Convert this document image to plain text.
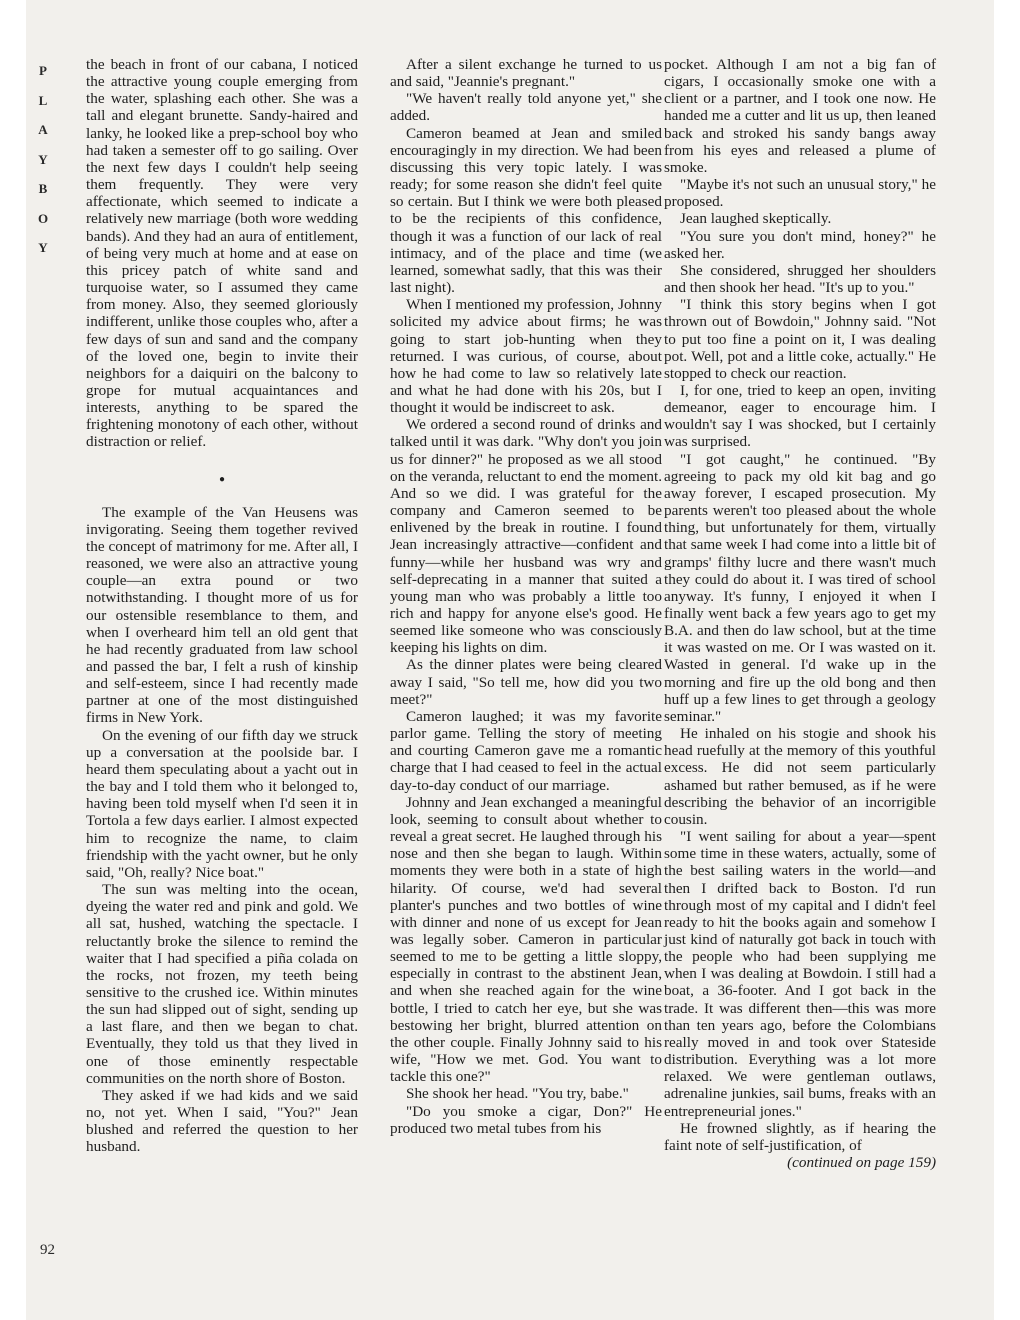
P
L
A
Y
B
O
Y

the beach in front of our cabana, I noticed the attractive young couple emerging from the water, splashing each other. She was a tall and elegant brunette. Sandy-haired and lanky, he looked like a prep-school boy who had taken a semester off to go sailing. Over the next few days I couldn't help seeing them frequently. They were very affectionate, which seemed to indicate a relatively new marriage (both wore wedding bands). And they had an aura of entitlement, of being very much at home and at ease on this pricey patch of white sand and turquoise water, so I assumed they came from money. Also, they seemed gloriously indifferent, unlike those couples who, after a few days of sun and sand and the company of the loved one, begin to invite their neighbors for a daiquiri on the balcony to grope for mutual acquaintances and interests, anything to be spared the frightening monotony of each other, without distraction or relief.

●

The example of the Van Heusens was invigorating. Seeing them together revived the concept of matrimony for me. After all, I reasoned, we were also an attractive young couple—an extra pound or two notwithstanding. I thought more of us for our ostensible resemblance to them, and when I overheard him tell an old gent that he had recently graduated from law school and passed the bar, I felt a rush of kinship and self-esteem, since I had recently made partner at one of the most distinguished firms in New York.

On the evening of our fifth day we struck up a conversation at the poolside bar. I heard them speculating about a yacht out in the bay and I told them who it belonged to, having been told myself when I'd seen it in Tortola a few days earlier. I almost expected him to recognize the name, to claim friendship with the yacht owner, but he only said, "Oh, really? Nice boat."

The sun was melting into the ocean, dyeing the water red and pink and gold. We all sat, hushed, watching the spectacle. I reluctantly broke the silence to remind the waiter that I had specified a piña colada on the rocks, not frozen, my teeth being sensitive to the crushed ice. Within minutes the sun had slipped out of sight, sending up a last flare, and then we began to chat. Eventually, they told us that they lived in one of those eminently respectable communities on the north shore of Boston.

They asked if we had kids and we said no, not yet. When I said, "You?" Jean blushed and referred the question to her husband.

After a silent exchange he turned to us and said, "Jeannie's pregnant."

"We haven't really told anyone yet," she added.

Cameron beamed at Jean and smiled encouragingly in my direction. We had been discussing this very topic lately. I was ready; for some reason she didn't feel quite so certain. But I think we were both pleased to be the recipients of this confidence, though it was a function of our lack of real intimacy, and of the place and time (we learned, somewhat sadly, that this was their last night).

When I mentioned my profession, Johnny solicited my advice about firms; he was going to start job-hunting when they returned. I was curious, of course, about how he had come to law so relatively late and what he had done with his 20s, but I thought it would be indiscreet to ask.

We ordered a second round of drinks and talked until it was dark. "Why don't you join us for dinner?" he proposed as we all stood on the veranda, reluctant to end the moment. And so we did. I was grateful for the company and Cameron seemed to be enlivened by the break in routine. I found Jean increasingly attractive—confident and funny—while her husband was wry and self-deprecating in a manner that suited a young man who was probably a little too rich and happy for anyone else's good. He seemed like someone who was consciously keeping his lights on dim.

As the dinner plates were being cleared away I said, "So tell me, how did you two meet?"

Cameron laughed; it was my favorite parlor game. Telling the story of meeting and courting Cameron gave me a romantic charge that I had ceased to feel in the actual day-to-day conduct of our marriage.

Johnny and Jean exchanged a meaningful look, seeming to consult about whether to reveal a great secret. He laughed through his nose and then she began to laugh. Within moments they were both in a state of high hilarity. Of course, we'd had several planter's punches and two bottles of wine with dinner and none of us except for Jean was legally sober. Cameron in particular seemed to me to be getting a little sloppy, especially in contrast to the abstinent Jean, and when she reached again for the wine bottle, I tried to catch her eye, but she was bestowing her bright, blurred attention on the other couple. Finally Johnny said to his wife, "How we met. God. You want to tackle this one?"

She shook her head. "You try, babe."

"Do you smoke a cigar, Don?" He produced two metal tubes from his

pocket. Although I am not a big fan of cigars, I occasionally smoke one with a client or a partner, and I took one now. He handed me a cutter and lit us up, then leaned back and stroked his sandy bangs away from his eyes and released a plume of smoke.

"Maybe it's not such an unusual story," he proposed.

Jean laughed skeptically.

"You sure you don't mind, honey?" he asked her.

She considered, shrugged her shoulders and then shook her head. "It's up to you."

"I think this story begins when I got thrown out of Bowdoin," Johnny said. "Not to put too fine a point on it, I was dealing pot. Well, pot and a little coke, actually." He stopped to check our reaction.

I, for one, tried to keep an open, inviting demeanor, eager to encourage him. I wouldn't say I was shocked, but I certainly was surprised.

"I got caught," he continued. "By agreeing to pack my old kit bag and go away forever, I escaped prosecution. My parents weren't too pleased about the whole thing, but unfortunately for them, virtually that same week I had come into a little bit of gramps' filthy lucre and there wasn't much they could do about it. I was tired of school anyway. It's funny, I enjoyed it when I finally went back a few years ago to get my B.A. and then do law school, but at the time it was wasted on me. Or I was wasted on it. Wasted in general. I'd wake up in the morning and fire up the old bong and then huff up a few lines to get through a geology seminar."

He inhaled on his stogie and shook his head ruefully at the memory of this youthful excess. He did not seem particularly ashamed but rather bemused, as if he were describing the behavior of an incorrigible cousin.

"I went sailing for about a year—spent some time in these waters, actually, some of the best sailing waters in the world—and then I drifted back to Boston. I'd run through most of my capital and I didn't feel ready to hit the books again and somehow I just kind of naturally got back in touch with the people who had been supplying me when I was dealing at Bowdoin. I still had a boat, a 36-footer. And I got back in the trade. It was different then—this was more than ten years ago, before the Colombians really moved in and took over Stateside distribution. Everything was a lot more relaxed. We were gentleman outlaws, adrenaline junkies, sail bums, freaks with an entrepreneurial jones."

He frowned slightly, as if hearing the faint note of self-justification, of

(continued on page 159)

92
